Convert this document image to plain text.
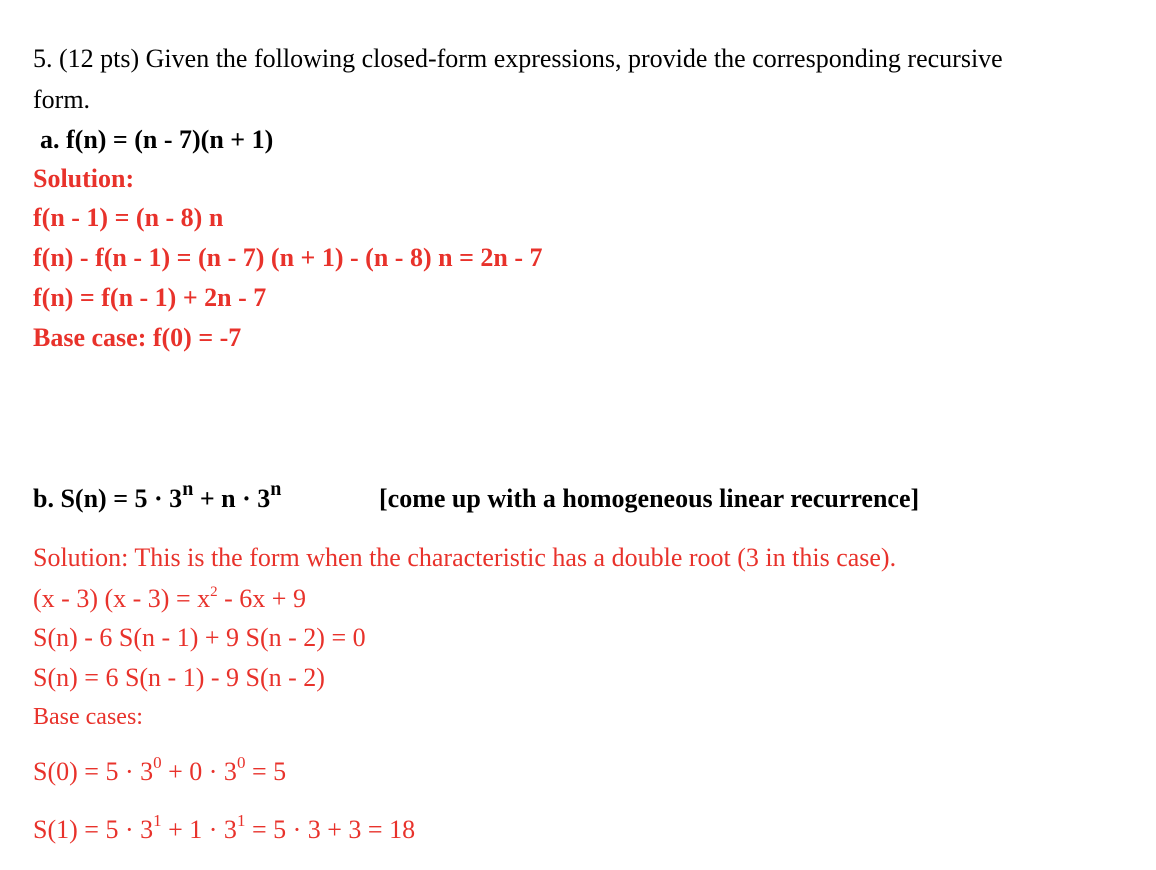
5. (12 pts) Given the following closed-form expressions, provide the corresponding recursive
form.
a. f(n) = (n - 7)(n + 1)
Solution:
f(n - 1) = (n - 8) n
f(n) - f(n - 1) = (n - 7) (n + 1) - (n - 8) n = 2n - 7
f(n) = f(n - 1) + 2n - 7
Base case: f(0) = -7
b. $S(n) = 5 \cdot 3^n + n \cdot 3^n$	[come up with a homogeneous linear recurrence]
Solution: This is the form when the characteristic has a double root (3 in this case).
(x - 3) $(x - 3) = x^2 - 6x + 9$
S(n) - 6 S(n - 1) + 9 S(n - 2) = 0
S(n) = 6 S(n - 1) - 9 S(n - 2)
Base cases:
$S(0) = 5 \cdot 3^0 + 0 \cdot 3^0 = 5$
$S(1) = 5 \cdot 3^1 + 1 \cdot 3^1 = 5 \cdot 3 + 3 = 18$
